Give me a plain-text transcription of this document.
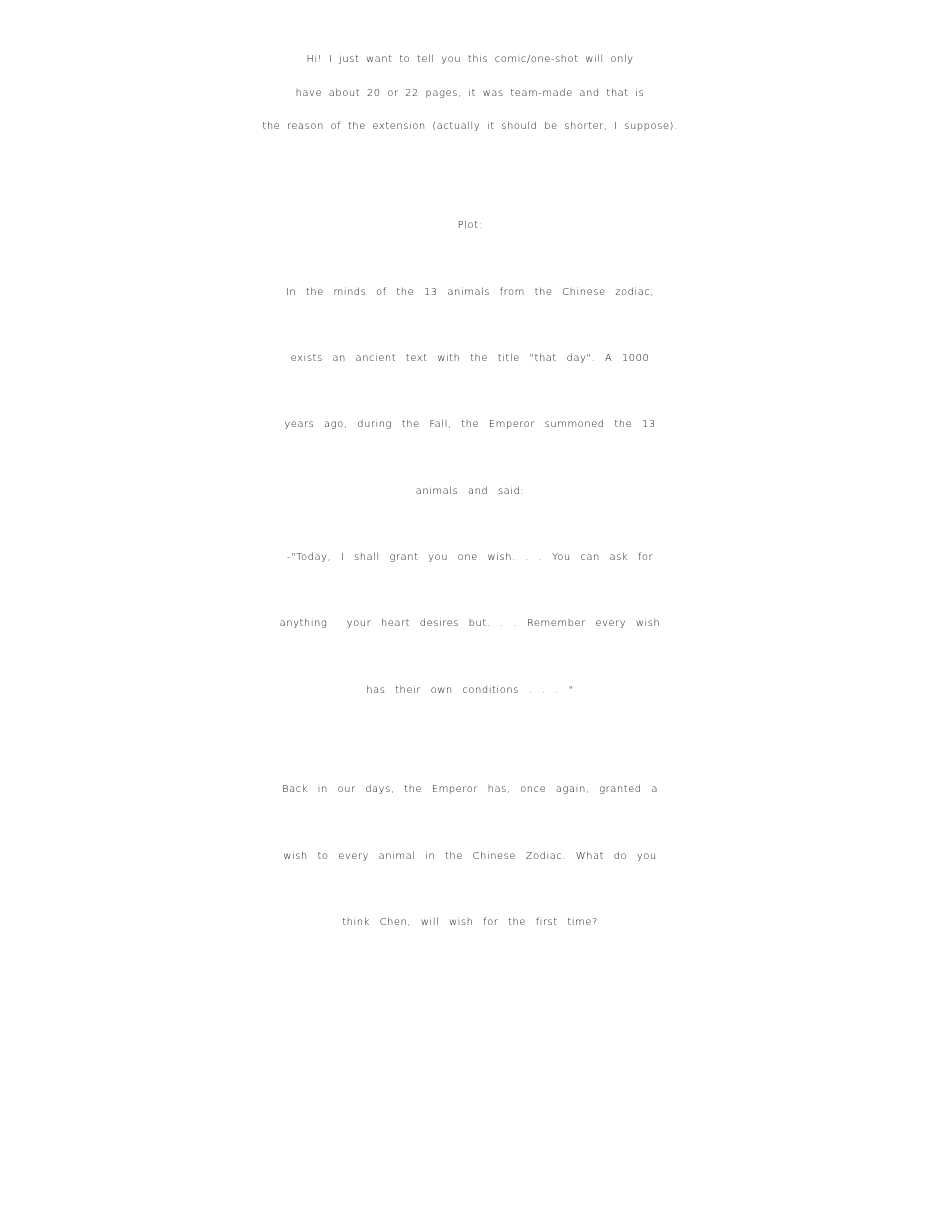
Hi! I just want to tell you this comic/one-shot will only
have about 20 or 22 pages, it was team-made and that is
the reason of the extension (actually it should be shorter, I suppose).
Plot:
In the minds of the 13 animals from the Chinese zodiac,
exists an ancient text with the title "that day". A 1000
years ago, during the Fall, the Emperor summoned the 13
animals and said:
-"Today, I shall grant you one wish. . . You can ask for
anything  your heart desires but. . . Remember every wish
has their own conditions . . . "
Back in our days, the Emperor has, once again, granted a
wish to every animal in the Chinese Zodiac. What do you
think Chen, will wish for the first time?
